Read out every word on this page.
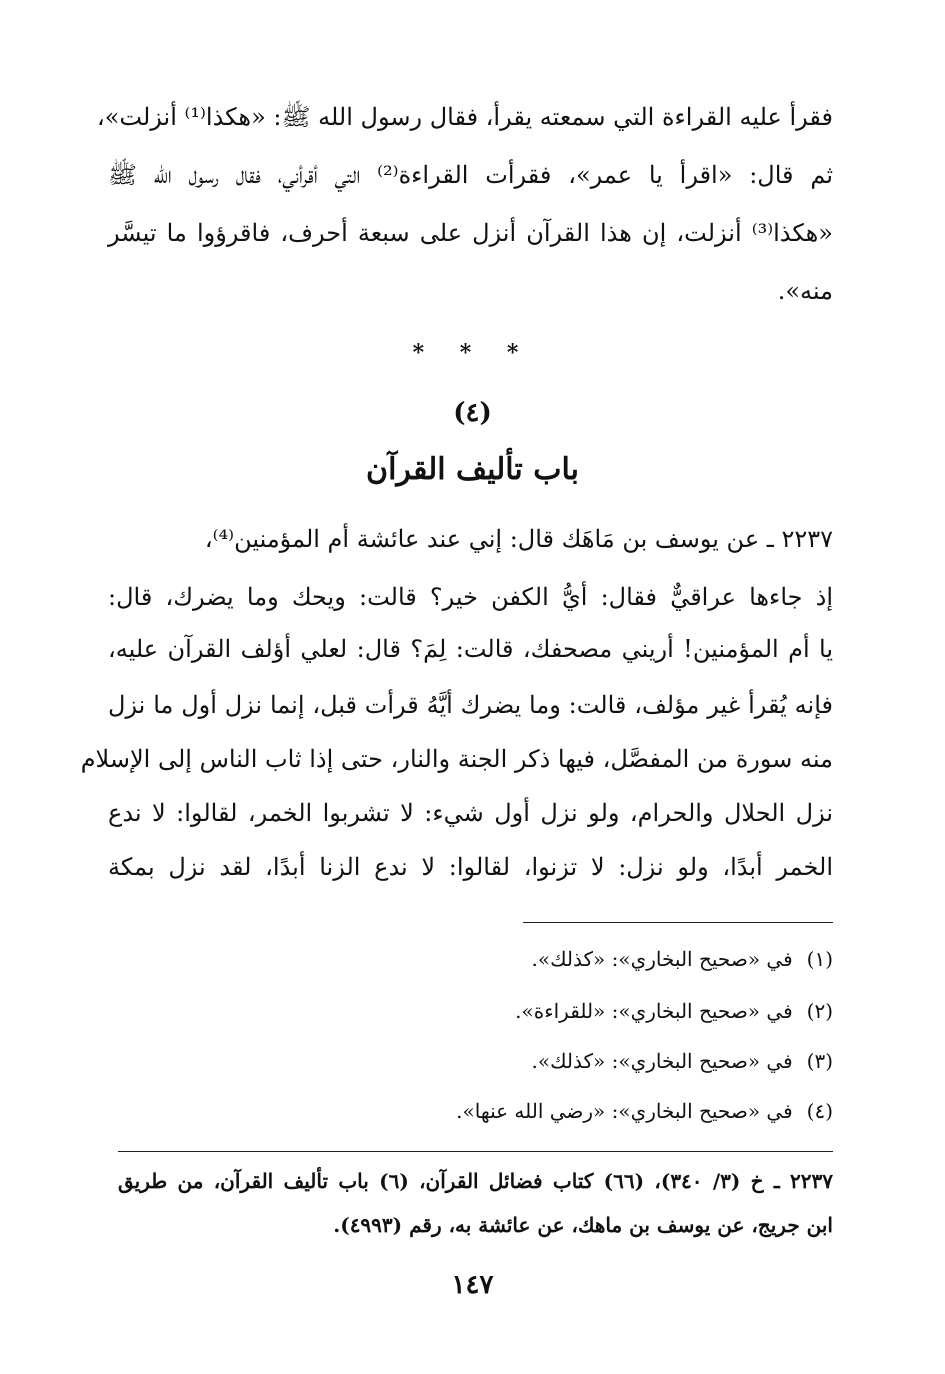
فقرأ عليه القراءة التي سمعته يقرأ، فقال رسول الله ﷺ: «هكذا⁽¹⁾ أنزلت»،
ثم قال: «اقرأ يا عمر»، فقرأت القراءة⁽²⁾ التي أقرأني، فقال رسول الله ﷺ
«هكذا⁽³⁾ أنزلت، إن هذا القرآن أنزل على سبعة أحرف، فاقرؤوا ما تيسَّر
منه».
* * *
(٤)
باب تأليف القرآن
٢٢٣٧ ـ عن يوسف بن مَاهَك قال: إني عند عائشة أم المؤمنين⁽⁴⁾،
إذ جاءها عراقيٌّ فقال: أيُّ الكفن خير؟ قالت: ويحك وما يضرك، قال:
يا أم المؤمنين! أريني مصحفك، قالت: لِمَ؟ قال: لعلي أؤلف القرآن عليه،
فإنه يُقرأ غير مؤلف، قالت: وما يضرك أيَّهُ قرأت قبل، إنما نزل أول ما نزل
منه سورة من المفصَّل، فيها ذكر الجنة والنار، حتى إذا ثاب الناس إلى الإسلام
نزل الحلال والحرام، ولو نزل أول شيء: لا تشربوا الخمر، لقالوا: لا ندع
الخمر أبدًا، ولو نزل: لا تزنوا، لقالوا: لا ندع الزنا أبدًا، لقد نزل بمكة
(١) في «صحيح البخاري»: «كذلك».
(٢) في «صحيح البخاري»: «للقراءة».
(٣) في «صحيح البخاري»: «كذلك».
(٤) في «صحيح البخاري»: «رضي الله عنها».
٢٢٣٧ ـ خ (٣/ ٣٤٠)، (٦٦) كتاب فضائل القرآن، (٦) باب تأليف القرآن، من طريق
ابن جريج، عن يوسف بن ماهك، عن عائشة به، رقم (٤٩٩٣).
١٤٧
